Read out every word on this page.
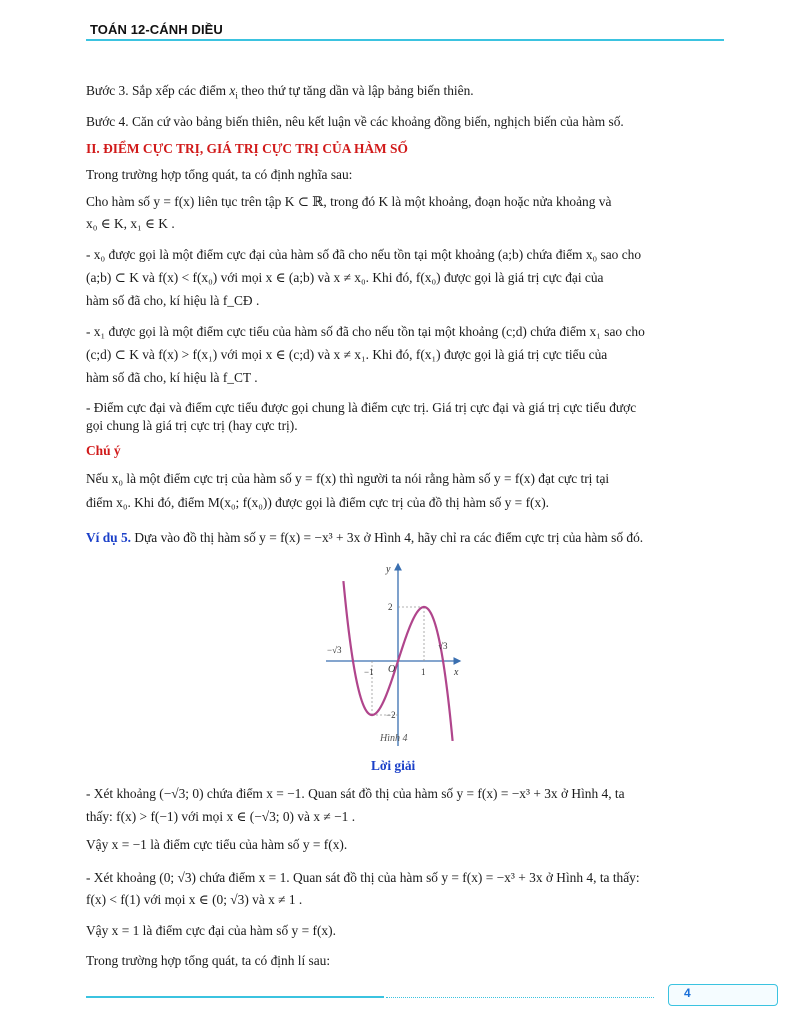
TOÁN 12-CÁNH DIỀU
Bước 3. Sắp xếp các điểm $x_i$ theo thứ tự tăng dần và lập bảng biến thiên.
Bước 4. Căn cứ vào bảng biến thiên, nêu kết luận về các khoảng đồng biến, nghịch biến của hàm số.
II. ĐIỂM CỰC TRỊ, GIÁ TRỊ CỰC TRỊ CỦA HÀM SỐ
Trong trường hợp tổng quát, ta có định nghĩa sau:
Cho hàm số y = f(x) liên tục trên tập K ⊂ ℝ, trong đó K là một khoảng, đoạn hoặc nửa khoảng và
x₀ ∈ K, x₁ ∈ K .
- x₀ được gọi là một điểm cực đại của hàm số đã cho nếu tồn tại một khoảng (a;b) chứa điểm x₀ sao cho
(a;b) ⊂ K và f(x) < f(x₀) với mọi x ∈ (a;b) và x ≠ x₀. Khi đó, f(x₀) được gọi là giá trị cực đại của
hàm số đã cho, kí hiệu là f_CĐ .
- x₁ được gọi là một điểm cực tiểu của hàm số đã cho nếu tồn tại một khoảng (c;d) chứa điểm x₁ sao cho
(c;d) ⊂ K và f(x) > f(x₁) với mọi x ∈ (c;d) và x ≠ x₁. Khi đó, f(x₁) được gọi là giá trị cực tiểu của
hàm số đã cho, kí hiệu là f_CT .
- Điểm cực đại và điểm cực tiểu được gọi chung là điểm cực trị. Giá trị cực đại và giá trị cực tiểu được
gọi chung là giá trị cực trị (hay cực trị).
Chú ý
Nếu x₀ là một điểm cực trị của hàm số y = f(x) thì người ta nói rằng hàm số y = f(x) đạt cực trị tại
điểm x₀. Khi đó, điểm M(x₀; f(x₀)) được gọi là điểm cực trị của đồ thị hàm số y = f(x).
Ví dụ 5. Dựa vào đồ thị hàm số y = f(x) = −x³ + 3x ở Hình 4, hãy chỉ ra các điểm cực trị của hàm số đó.
Lời giải
- Xét khoảng (−√3; 0) chứa điểm x = −1. Quan sát đồ thị của hàm số y = f(x) = −x³ + 3x ở Hình 4, ta
thấy: f(x) > f(−1) với mọi x ∈ (−√3; 0) và x ≠ −1 .
Vậy x = −1 là điểm cực tiểu của hàm số y = f(x).
- Xét khoảng (0; √3) chứa điểm x = 1. Quan sát đồ thị của hàm số y = f(x) = −x³ + 3x ở Hình 4, ta thấy:
f(x) < f(1) với mọi x ∈ (0; √3) và x ≠ 1 .
Vậy x = 1 là điểm cực đại của hàm số y = f(x).
Trong trường hợp tổng quát, ta có định lí sau:
x
y
O
−√3	√3
−1	1
2
−2
Hình 4
4
